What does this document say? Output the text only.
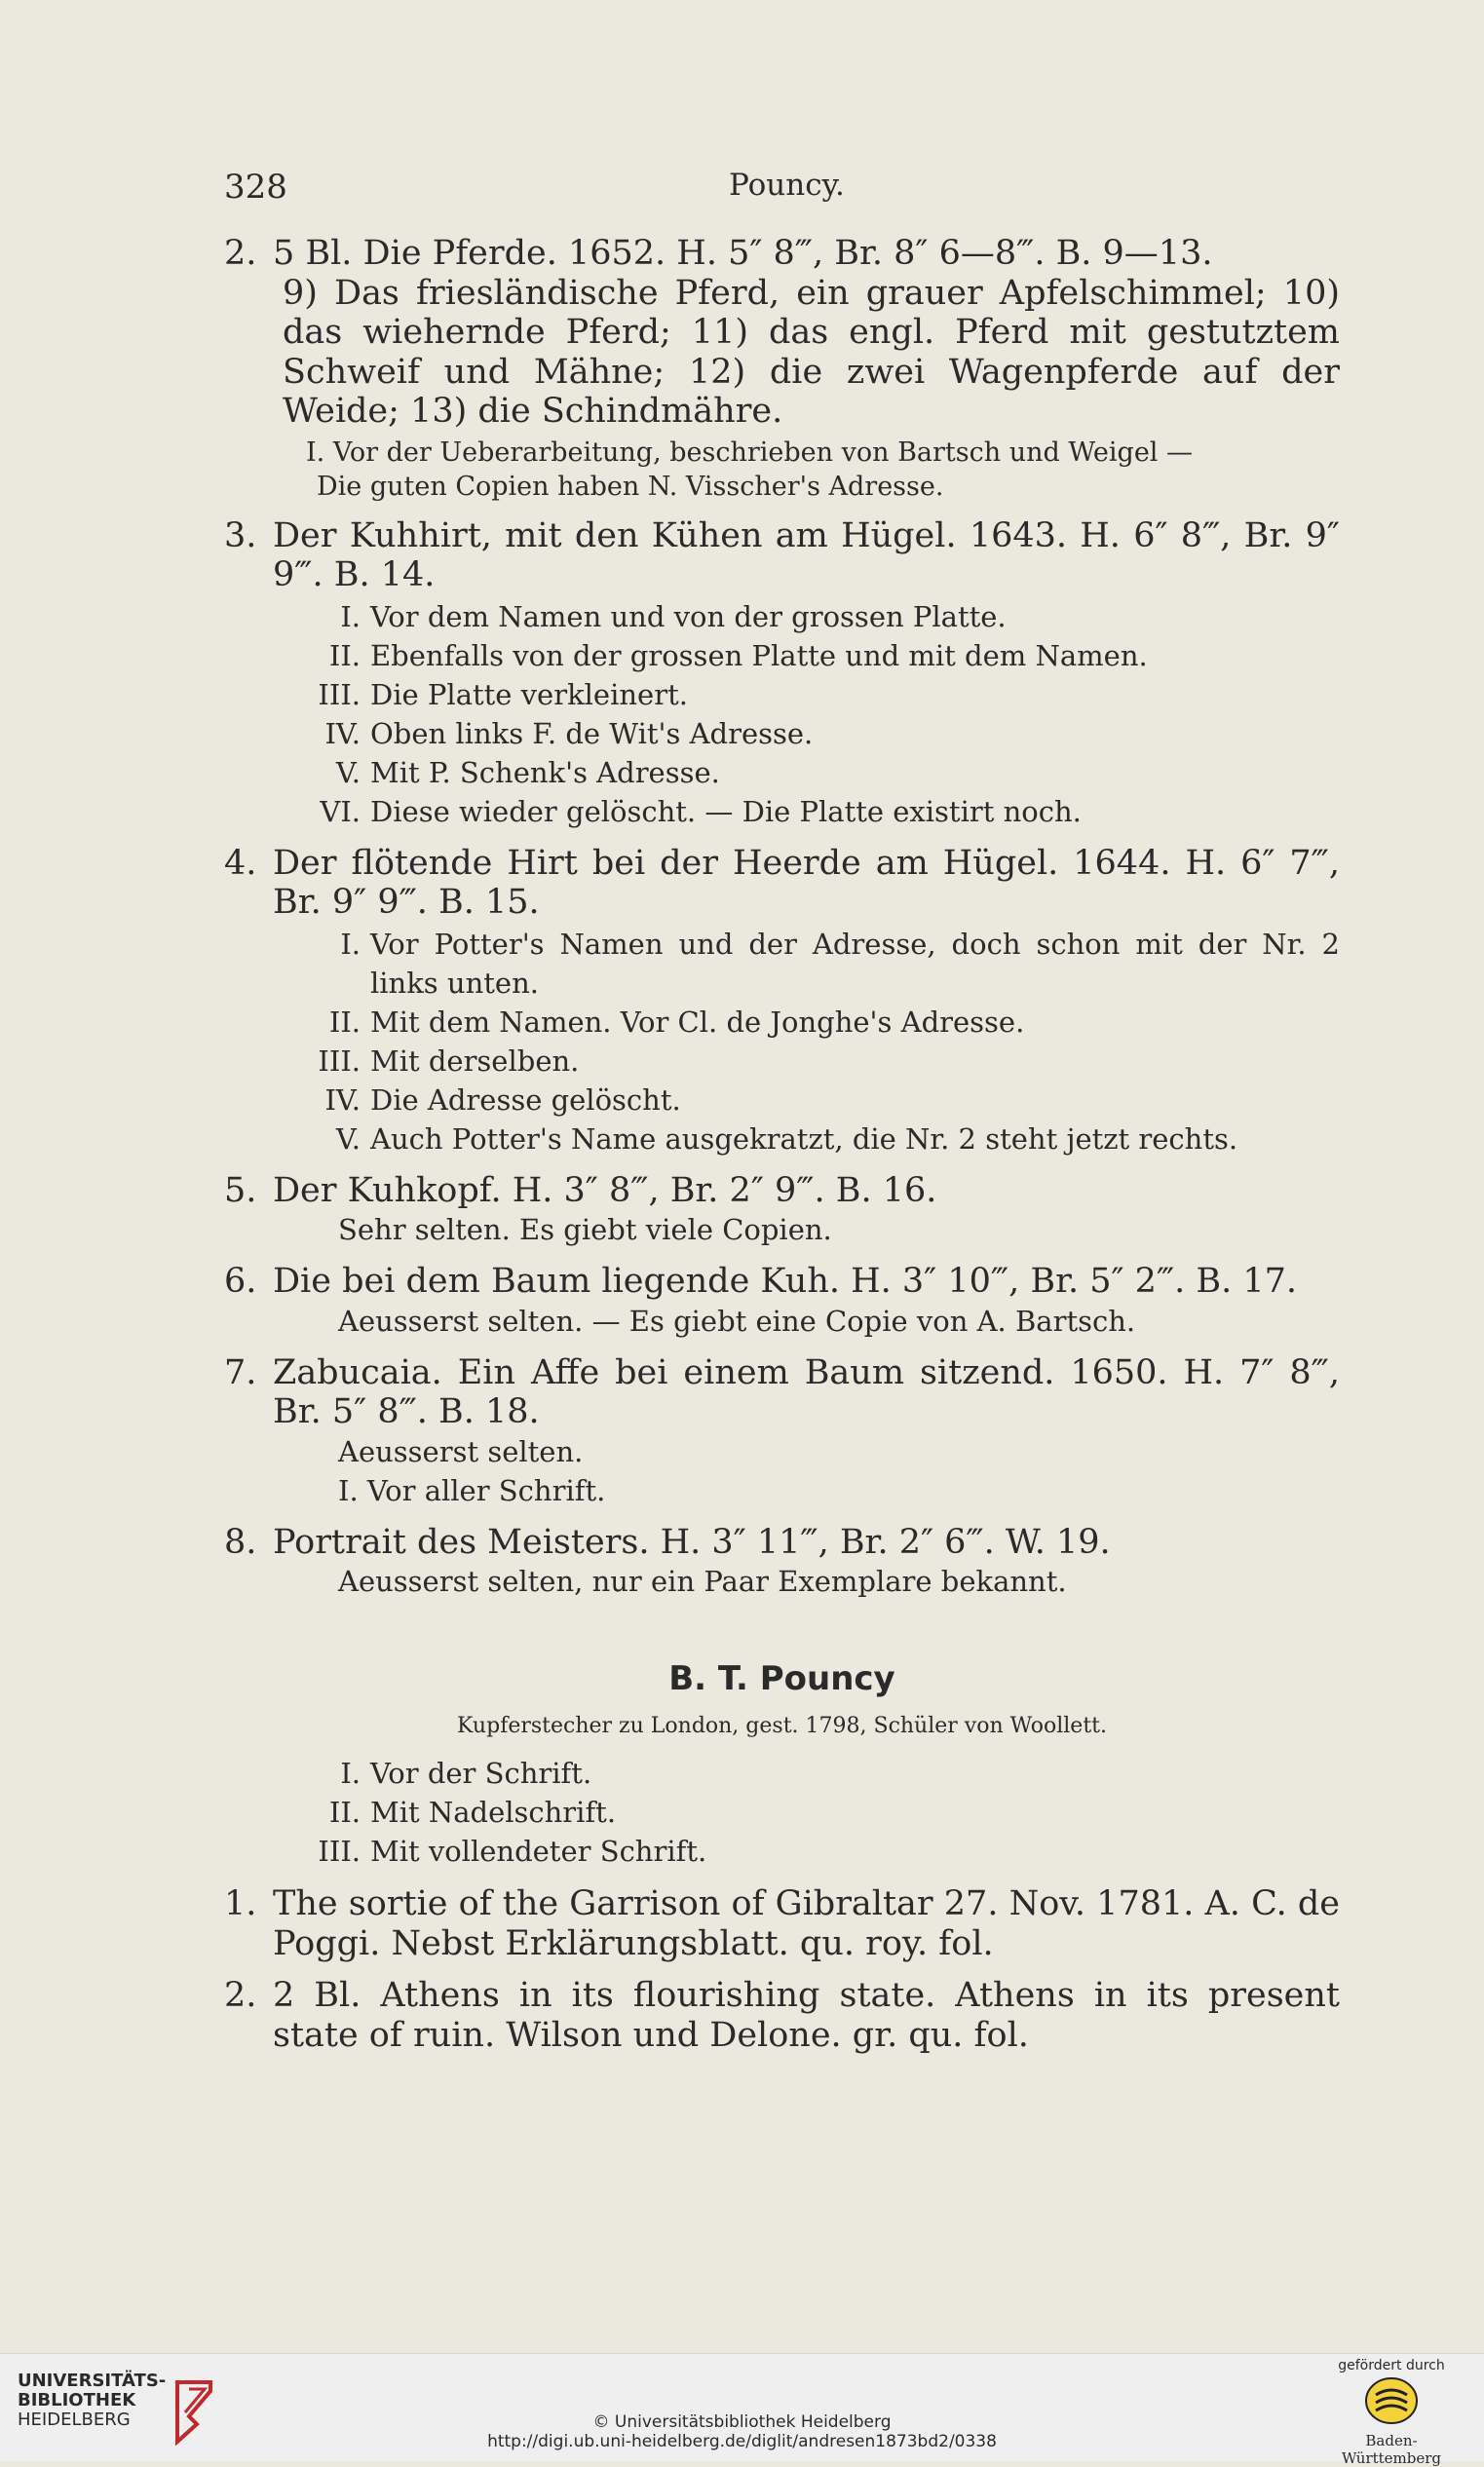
328	Pouncy.
2. 5 Bl. Die Pferde. 1652. H. 5″ 8‴, Br. 8″ 6—8‴. B. 9—13.
9) Das friesländische Pferd, ein grauer Apfelschimmel; 10) das wiehernde Pferd; 11) das engl. Pferd mit gestutztem Schweif und Mähne; 12) die zwei Wagenpferde auf der Weide; 13) die Schindmähre.
I. Vor der Ueberarbeitung, beschrieben von Bartsch und Weigel —
Die guten Copien haben N. Visscher's Adresse.
3. Der Kuhhirt, mit den Kühen am Hügel. 1643. H. 6″ 8‴, Br. 9″ 9‴. B. 14.
I. Vor dem Namen und von der grossen Platte.
II. Ebenfalls von der grossen Platte und mit dem Namen.
III. Die Platte verkleinert.
IV. Oben links F. de Wit's Adresse.
V. Mit P. Schenk's Adresse.
VI. Diese wieder gelöscht. — Die Platte existirt noch.
4. Der flötende Hirt bei der Heerde am Hügel. 1644. H. 6″ 7‴, Br. 9″ 9‴. B. 15.
I. Vor Potter's Namen und der Adresse, doch schon mit der Nr. 2 links unten.
II. Mit dem Namen. Vor Cl. de Jonghe's Adresse.
III. Mit derselben.
IV. Die Adresse gelöscht.
V. Auch Potter's Name ausgekratzt, die Nr. 2 steht jetzt rechts.
5. Der Kuhkopf. H. 3″ 8‴, Br. 2″ 9‴. B. 16.
Sehr selten. Es giebt viele Copien.
6. Die bei dem Baum liegende Kuh. H. 3″ 10‴, Br. 5″ 2‴. B. 17.
Aeusserst selten. — Es giebt eine Copie von A. Bartsch.
7. Zabucaia. Ein Affe bei einem Baum sitzend. 1650. H. 7″ 8‴, Br. 5″ 8‴. B. 18.
Aeusserst selten.
I. Vor aller Schrift.
8. Portrait des Meisters. H. 3″ 11‴, Br. 2″ 6‴. W. 19.
Aeusserst selten, nur ein Paar Exemplare bekannt.
B. T. Pouncy
Kupferstecher zu London, gest. 1798, Schüler von Woollett.
I. Vor der Schrift.
II. Mit Nadelschrift.
III. Mit vollendeter Schrift.
1. The sortie of the Garrison of Gibraltar 27. Nov. 1781. A. C. de Poggi. Nebst Erklärungsblatt. qu. roy. fol.
2. 2 Bl. Athens in its flourishing state. Athens in its present state of ruin. Wilson und Delone. gr. qu. fol.
UNIVERSITÄTS-
BIBLIOTHEK
HEIDELBERG	© Universitätsbibliothek Heidelberg
http://digi.ub.uni-heidelberg.de/diglit/andresen1873bd2/0338
gefördert durch
Baden-Württemberg
